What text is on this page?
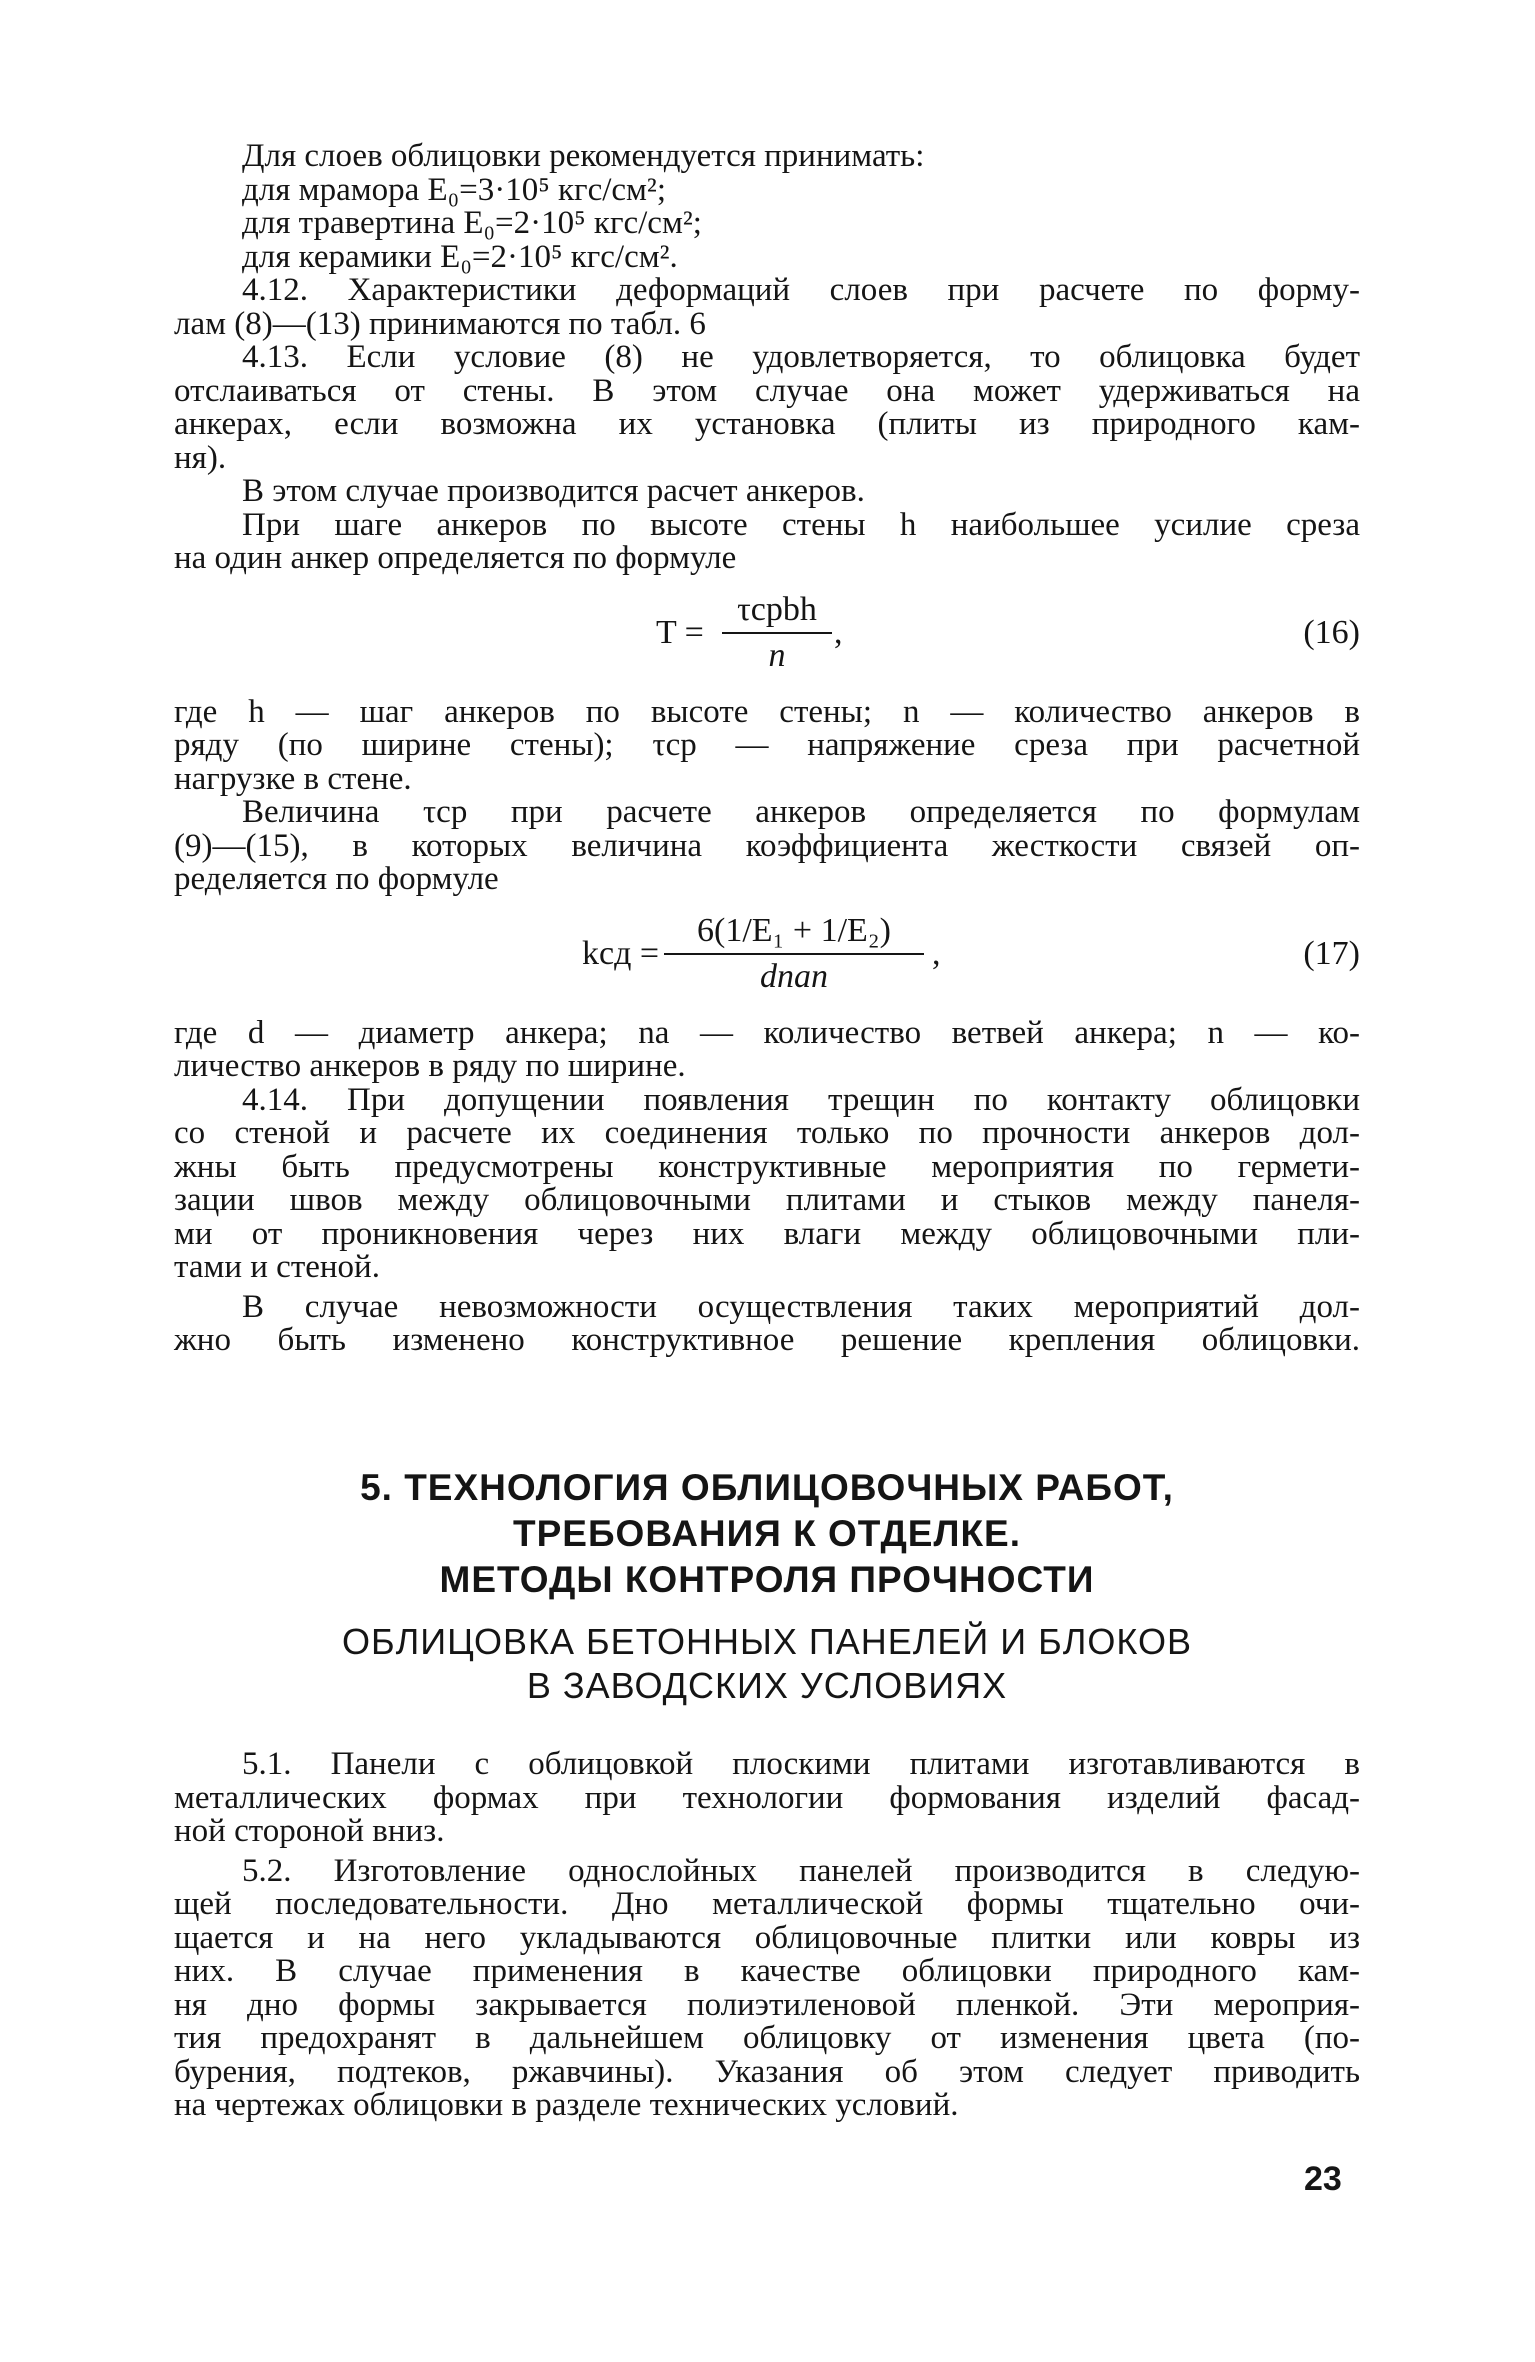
Для слоев облицовки рекомендуется принимать:
для мрамора E₀=3·10⁵ кгс/см²;
для травертина E₀=2·10⁵ кгс/см²;
для керамики E₀=2·10⁵ кгс/см².
4.12. Характеристики деформаций слоев при расчете по форму-
лам (8)—(13) принимаются по табл. 6
4.13. Если условие (8) не удовлетворяется, то облицовка будет
отслаиваться от стены. В этом случае она может удерживаться на
анкерах, если возможна их установка (плиты из природного кам-
ня).
В этом случае производится расчет анкеров.
При шаге анкеров по высоте стены h наибольшее усилие среза
на один анкер определяется по формуле
T =
τсрbh
n
,	(16)
где h — шаг анкеров по высоте стены; n — количество анкеров в
ряду (по ширине стены); τср — напряжение среза при расчетной
нагрузке в стене.
Величина τср при расчете анкеров определяется по формулам
(9)—(15), в которых величина коэффициента жесткости связей оп-
ределяется по формуле
kсд =
6(1/E₁ + 1/E₂)
dnаn
,	(17)
где d — диаметр анкера; nа — количество ветвей анкера; n — ко-
личество анкеров в ряду по ширине.
4.14. При допущении появления трещин по контакту облицовки
со стеной и расчете их соединения только по прочности анкеров дол-
жны быть предусмотрены конструктивные мероприятия по гермети-
зации швов между облицовочными плитами и стыков между панеля-
ми от проникновения через них влаги между облицовочными пли-
тами и стеной.
В случае невозможности осуществления таких мероприятий дол-
жно быть изменено конструктивное решение крепления облицовки.
5. ТЕХНОЛОГИЯ ОБЛИЦОВОЧНЫХ РАБОТ,
ТРЕБОВАНИЯ К ОТДЕЛКЕ.
МЕТОДЫ КОНТРОЛЯ ПРОЧНОСТИ
ОБЛИЦОВКА БЕТОННЫХ ПАНЕЛЕЙ И БЛОКОВ
В ЗАВОДСКИХ УСЛОВИЯХ
5.1. Панели с облицовкой плоскими плитами изготавливаются в
металлических формах при технологии формования изделий фасад-
ной стороной вниз.
5.2. Изготовление однослойных панелей производится в следую-
щей последовательности. Дно металлической формы тщательно очи-
щается и на него укладываются облицовочные плитки или ковры из
них. В случае применения в качестве облицовки природного кам-
ня дно формы закрывается полиэтиленовой пленкой. Эти мероприя-
тия предохранят в дальнейшем облицовку от изменения цвета (по-
бурения, подтеков, ржавчины). Указания об этом следует приводить
на чертежах облицовки в разделе технических условий.
23
